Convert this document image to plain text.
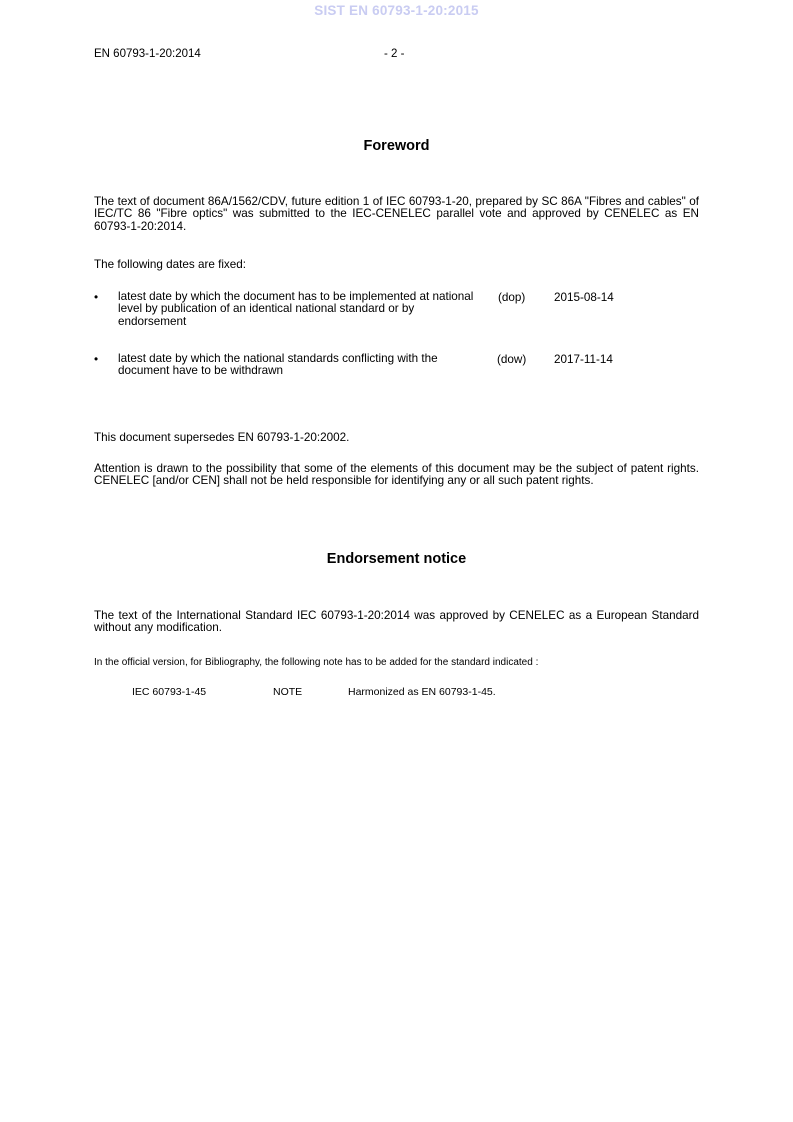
SIST EN 60793-1-20:2015
EN 60793-1-20:2014	- 2 -
Foreword
The text of document 86A/1562/CDV, future edition 1 of IEC 60793-1-20, prepared by SC 86A "Fibres and cables" of IEC/TC 86 "Fibre optics" was submitted to the IEC-CENELEC parallel vote and approved by CENELEC as EN 60793-1-20:2014.
The following dates are fixed:
• latest date by which the document has to be implemented at national level by publication of an identical national standard or by endorsement
(dop) 2015-08-14
• latest date by which the national standards conflicting with the document have to be withdrawn
(dow) 2017-11-14
This document supersedes EN 60793-1-20:2002.
Attention is drawn to the possibility that some of the elements of this document may be the subject of patent rights. CENELEC [and/or CEN] shall not be held responsible for identifying any or all such patent rights.
Endorsement notice
The text of the International Standard IEC 60793-1-20:2014 was approved by CENELEC as a European Standard without any modification.
In the official version, for Bibliography, the following note has to be added for the standard indicated :
IEC 60793-1-45	NOTE	Harmonized as EN 60793-1-45.
